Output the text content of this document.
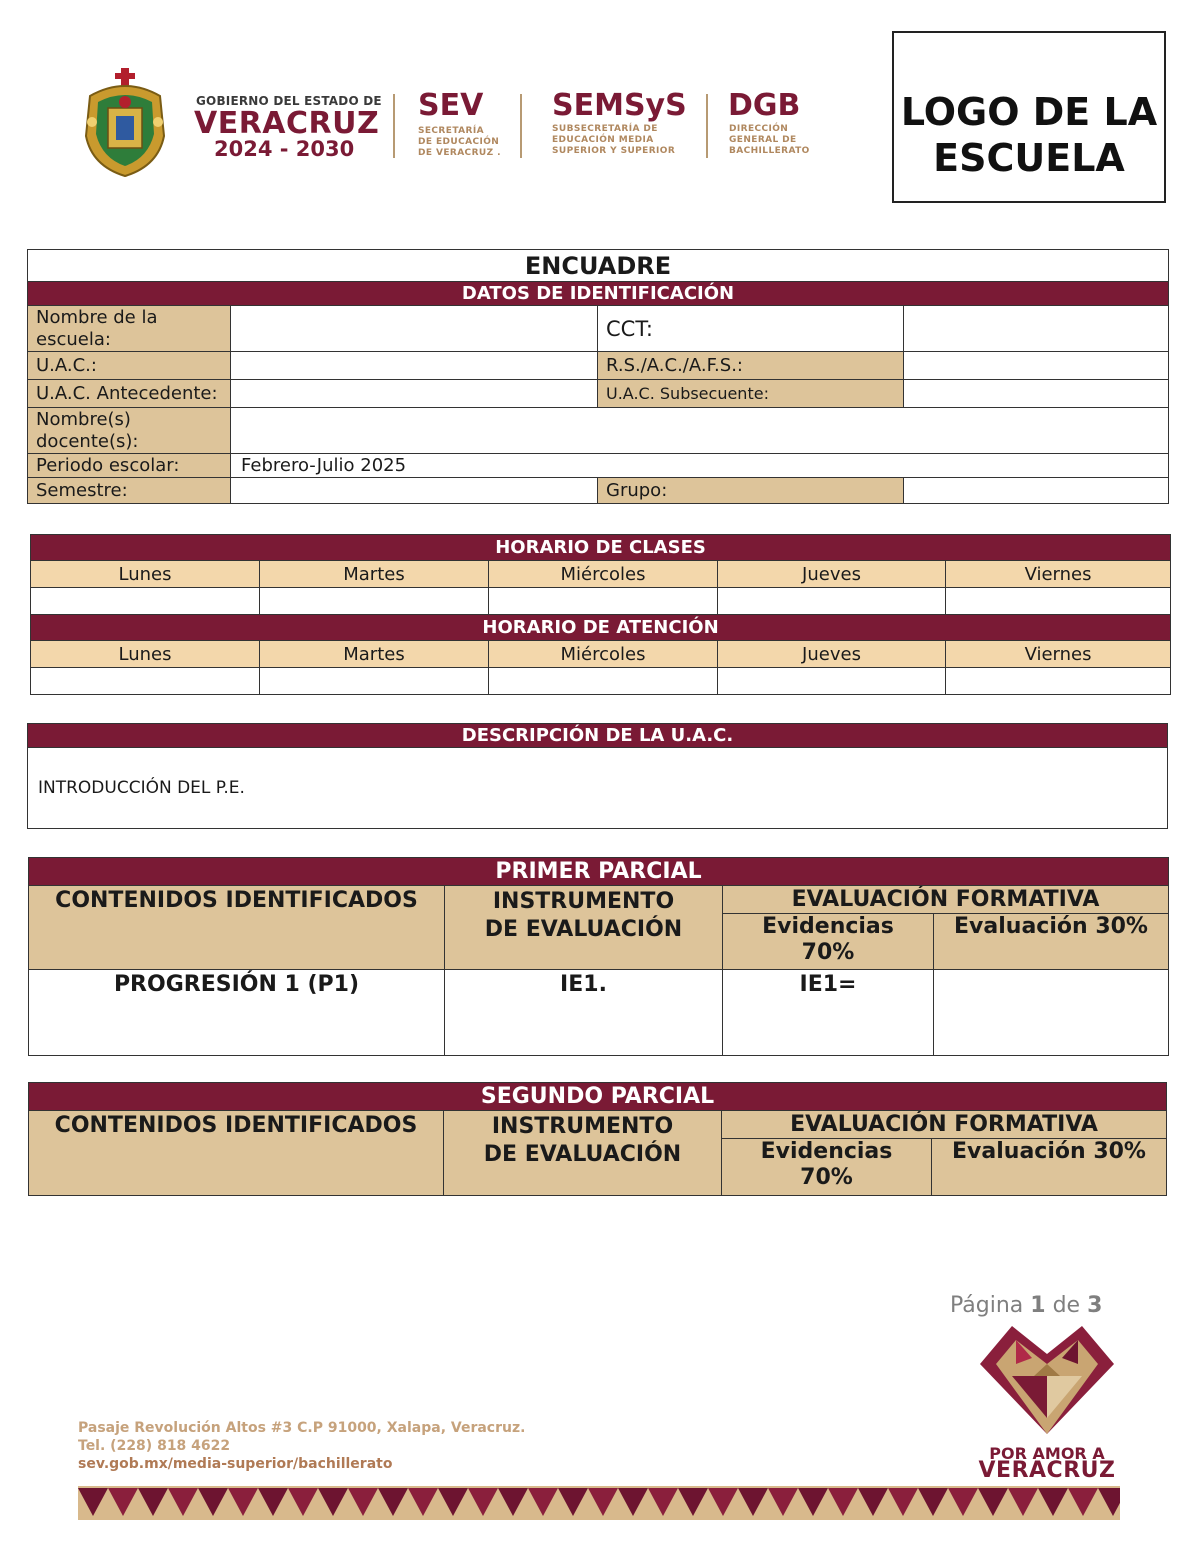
GOBIERNO DEL ESTADO DE
VERACRUZ
2024 - 2030
SEV
SECRETARÍA
DE EDUCACIÓN
DE VERACRUZ .
SEMSyS
SUBSECRETARÍA DE
EDUCACIÓN MEDIA
SUPERIOR Y SUPERIOR
DGB
DIRECCIÓN
GENERAL DE
BACHILLERATO
LOGO DE LA ESCUELA
ENCUADRE			
DATOS DE IDENTIFICACIÓN			
Nombre de la escuela:		CCT:	
U.A.C.:		R.S./A.C./A.F.S.:	
U.A.C. Antecedente:		U.A.C. Subsecuente:	
Nombre(s) docente(s):			
Periodo escolar:	Febrero-Julio 2025		
Semestre:		Grupo:	
HORARIO DE CLASES				
Lunes	Martes	Miércoles	Jueves	Viernes

HORARIO DE ATENCIÓN				
Lunes	Martes	Miércoles	Jueves	Viernes

DESCRIPCIÓN DE LA U.A.C.
INTRODUCCIÓN DEL P.E.
PRIMER PARCIAL			
CONTENIDOS IDENTIFICADOS	INSTRUMENTO DE EVALUACIÓN	EVALUACIÓN FORMATIVA	
		Evidencias 70%	Evaluación 30%
PROGRESIÓN 1 (P1)	IE1.	IE1=	
SEGUNDO PARCIAL			
CONTENIDOS IDENTIFICADOS	INSTRUMENTO DE EVALUACIÓN	EVALUACIÓN FORMATIVA	
		Evidencias 70%	Evaluación 30%
Página 1 de 3
POR AMOR A
VERACRUZ
Pasaje Revolución Altos #3 C.P 91000, Xalapa, Veracruz.
Tel. (228) 818 4622
sev.gob.mx/media-superior/bachillerato
